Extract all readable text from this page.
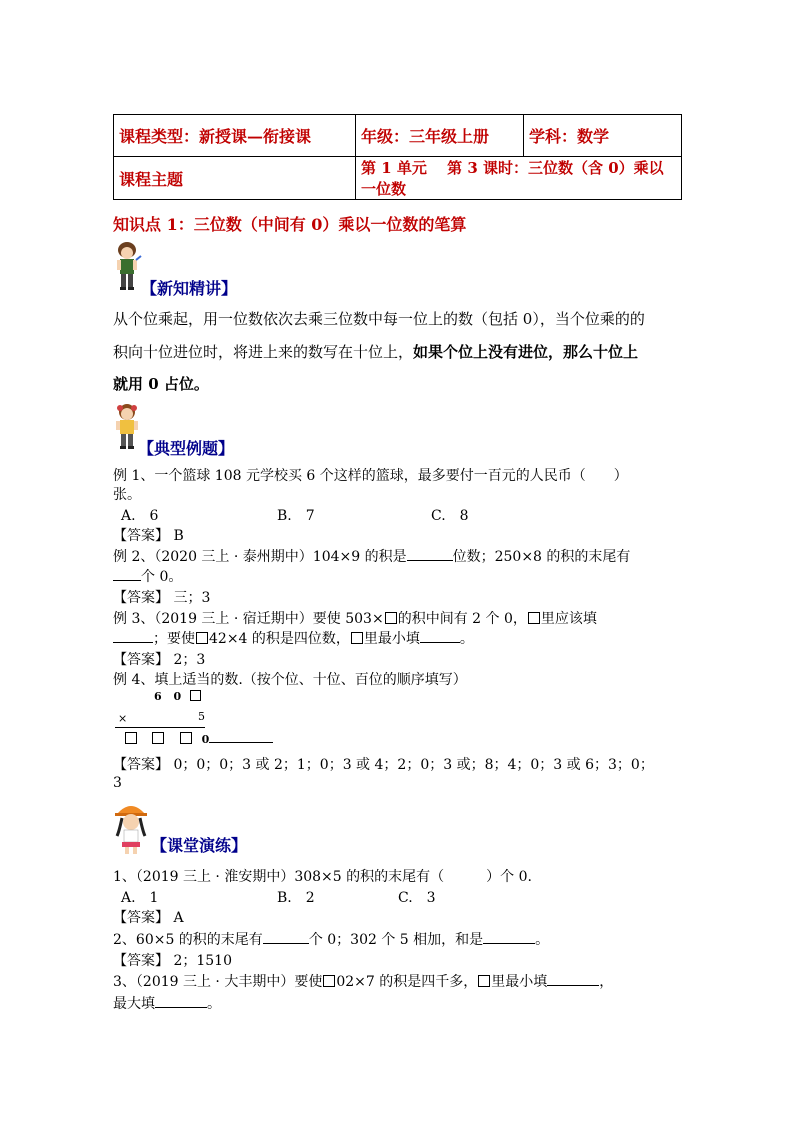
课程类型：新授课—衔接课	年级：三年级上册	学科：数学
课程主题	第 1 单元　 第 3 课时：三位数（含 0）乘以一位数	
知识点 1：三位数（中间有 0）乘以一位数的笔算
【新知精讲】
从个位乘起，用一位数依次去乘三位数中每一位上的数（包括 0），当个位乘的的
积向十位进位时，将进上来的数写在十位上，如果个位上没有进位，那么十位上
就用 0 占位。
【典型例题】
例 1、一个篮球 108 元学校买 6 个这样的篮球，最多要付一百元的人民币（　　）
张。
A.　6	B.　7	C.　8
【答案】 B
例 2、（2020 三上 · 泰州期中）104×9 的积是	位数；250×8 的积的末尾有
个 0。
【答案】 三；3
例 3、（2019 三上 · 宿迁期中）要使 503× 的积中间有 2 个 0， 里应该填
；要使 42×4 的积是四位数， 里最小填	。
【答案】 2；3
例 4、填上适当的数.（按个位、十位、百位的顺序填写）
6 0
×	5
0
【答案】 0；0；0；3 或 2；1；0；3 或 4；2；0；3 或；8；4；0；3 或 6；3；0；
3
【课堂演练】
1、（2019 三上 · 淮安期中）308×5 的积的末尾有（　　　）个 0.
A.　1	B.　2	C.　3
【答案】 A
2、60×5 的积的末尾有	个 0；302 个 5 相加，和是	。
【答案】 2；1510
3、（2019 三上 · 大丰期中）要使 02×7 的积是四千多， 里最小填	，
最大填	。
